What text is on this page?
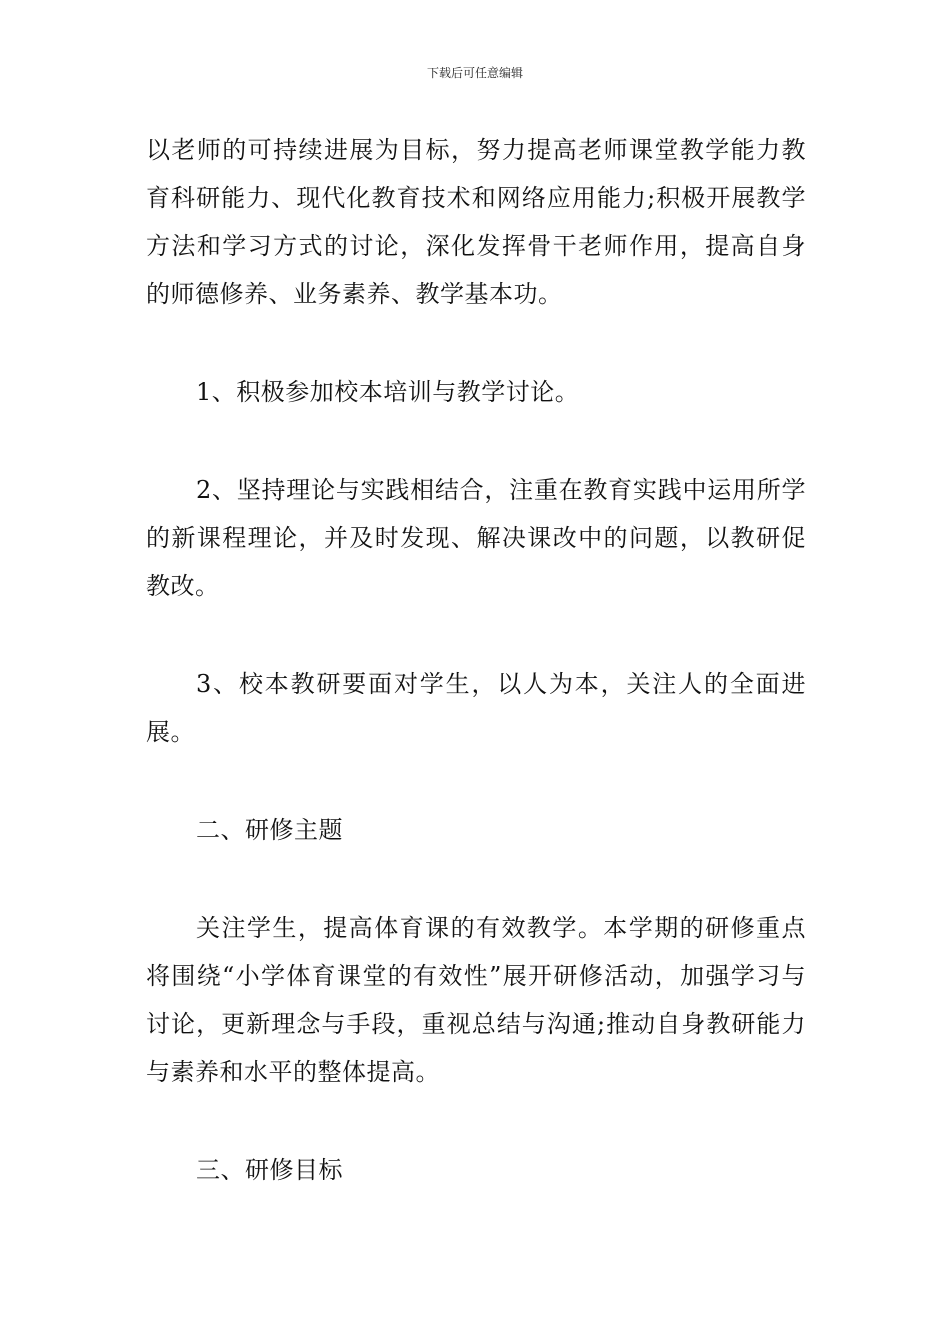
下载后可任意编辑

以老师的可持续进展为目标，努力提高老师课堂教学能力教育科研能力、现代化教育技术和网络应用能力;积极开展教学方法和学习方式的讨论，深化发挥骨干老师作用，提高自身的师德修养、业务素养、教学基本功。

1、积极参加校本培训与教学讨论。

2、坚持理论与实践相结合，注重在教育实践中运用所学的新课程理论，并及时发现、解决课改中的问题，以教研促教改。

3、校本教研要面对学生，以人为本，关注人的全面进展。

二、研修主题

关注学生，提高体育课的有效教学。本学期的研修重点将围绕“小学体育课堂的有效性”展开研修活动，加强学习与讨论，更新理念与手段，重视总结与沟通;推动自身教研能力与素养和水平的整体提高。

三、研修目标
